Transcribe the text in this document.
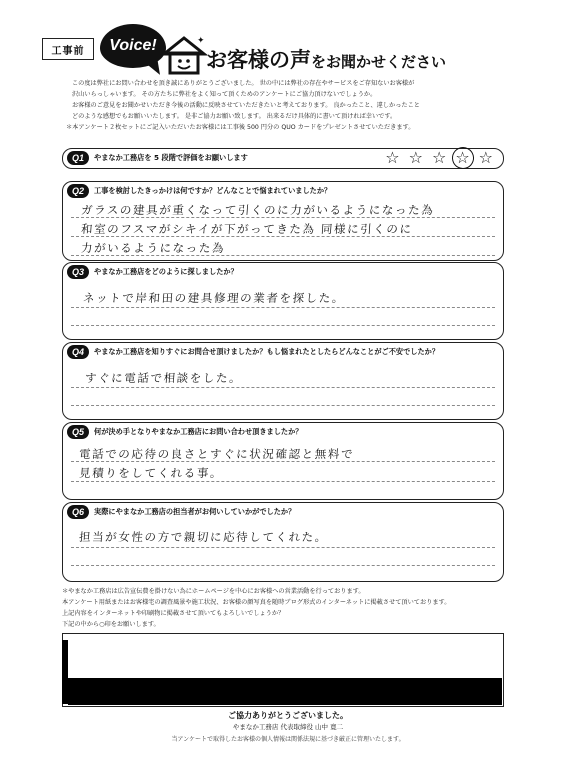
工事前	Voice!	✦
お客様の声をお聞かせください
この度は弊社にお問い合わせを頂き誠にありがとうございました。 世の中には弊社の存在やサービスをご存知ないお客様が
沢山いらっしゃいます。 その方たちに弊社をよく知って頂くためのアンケートにご協力頂けないでしょうか。
お客様のご意見をお聞かせいただき今後の活動に反映させていただきたいと考えております。 良かったこと、違しかったこと
どのような感想でもお願いいたします。 是非ご協力お願い致します。 出来るだけ具体的に書いて頂ければ幸いです。
＊本アンケート２枚セットにご記入いただいたお客様には工事後 500 円分の QUO カードをプレゼントさせていただきます。
Q1	やまなか工務店を 5 段階で評価をお願いします	☆ ☆ ☆ ☆ ☆
Q2	工事を検討したきっかけは何ですか？どんなことで悩まれていましたか？
ガラスの建具が重くなって引くのに力がいるようになった為
和室のフスマがシキイが下がってきた為 同様に引くのに
力がいるようになった為
Q3	やまなか工務店をどのように探しましたか？
ネットで岸和田の建具修理の業者を探した。
Q4	やまなか工務店を知りすぐにお問合せ頂けましたか？もし悩まれたとしたらどんなことがご不安でしたか？
すぐに電話で相談をした。
Q5	何が決め手となりやまなか工務店にお問い合わせ頂きましたか？
電話での応待の良さとすぐに状況確認と無料で
見積りをしてくれる事。
Q6	実際にやまなか工務店の担当者がお伺いしていかがでしたか？
担当が女性の方で親切に応待してくれた。
＊やまなか工務店は広告宣伝費を掛けない為にホームページを中心にお客様への営業活動を行っております。
本アンケート用紙またはお客様宅の調査風景や施工状況、お客様の顔写真を随時ブログ形式のインターネットに掲載させて頂いております。
上記内容をインターネットや印刷物に掲載させて頂いてもよろしいでしょうか？
下記の中から○印をお願いします。
ご協力ありがとうございました。
やまなか工務店 代表取締役 山中 寛二
当アンケートで取得したお客様の個人情報は関係法規に基づき厳正に管理いたします。
